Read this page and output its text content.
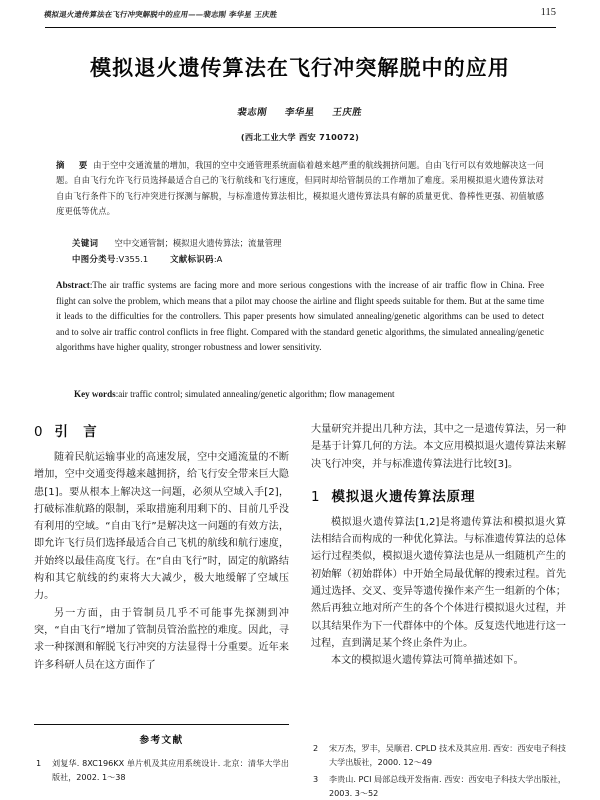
模拟退火遗传算法在飞行冲突解脱中的应用——裴志刚 李华星 王庆胜	115
模拟退火遗传算法在飞行冲突解脱中的应用
裴志刚 李华星 王庆胜
(西北工业大学 西安 710072)
摘　要 由于空中交通流量的增加，我国的空中交通管理系统面临着越来越严重的航线拥挤问题。自由飞行可以有效地解决这一问题。自由飞行允许飞行员选择最适合自己的飞行航线和飞行速度，但同时却给管制员的工作增加了难度。采用模拟退火遗传算法对自由飞行条件下的飞行冲突进行探测与解脱，与标准遗传算法相比，模拟退火遗传算法具有解的质量更优、鲁棒性更强、初值敏感度更低等优点。
关键词 空中交通管制；模拟退火遗传算法；流量管理
中图分类号:V355.1	文献标识码:A
Abstract:The air traffic systems are facing more and more serious congestions with the increase of air traffic flow in China. Free flight can solve the problem, which means that a pilot may choose the airline and flight speeds suitable for them. But at the same time it leads to the difficulties for the controllers. This paper presents how simulated annealing/genetic algorithms can be used to detect and to solve air traffic control conflicts in free flight. Compared with the standard genetic algorithms, the simulated annealing/genetic algorithms have higher quality, stronger robustness and lower sensitivity.
Key words:air traffic control; simulated annealing/genetic algorithm; flow management
0 引　言

随着民航运输事业的高速发展，空中交通流量的不断增加，空中交通变得越来越拥挤，给飞行安全带来巨大隐患[1]。要从根本上解决这一问题，必须从空域入手[2]，打破标准航路的限制，采取措施利用剩下的、目前几乎没有利用的空域。“自由飞行”是解决这一问题的有效方法，即允许飞行员们选择最适合自己飞机的航线和航行速度，并始终以最佳高度飞行。在“自由飞行”时，固定的航路结构和其它航线的约束将大大减少，极大地缓解了空域压力。

另一方面，由于管制员几乎不可能事先探测到冲突，“自由飞行”增加了管制员管治监控的难度。因此，寻求一种探测和解脱飞行冲突的方法显得十分重要。近年来许多科研人员在这方面作了

大量研究并提出几种方法，其中之一是遗传算法，另一种是基于计算几何的方法。本文应用模拟退火遗传算法来解决飞行冲突，并与标准遗传算法进行比较[3]。

1 模拟退火遗传算法原理

模拟退火遗传算法[1,2]是将遗传算法和模拟退火算法相结合而构成的一种优化算法。与标准遗传算法的总体运行过程类似，模拟退火遗传算法也是从一组随机产生的初始解（初始群体）中开始全局最优解的搜索过程。首先通过选择、交叉、变异等遗传操作来产生一组新的个体；然后再独立地对所产生的各个个体进行模拟退火过程，并以其结果作为下一代群体中的个体。反复迭代地进行这一过程，直到满足某个终止条件为止。

本文的模拟退火遗传算法可简单描述如下。

参考文献
1	刘复华. 8XC196KX 单片机及其应用系统设计. 北京：清华大学出版社，2002. 1～38
2	宋万杰，罗丰，吴顺君. CPLD 技术及其应用. 西安：西安电子科技大学出版社，2000. 12～49
3	李贵山. PCI 局部总线开发指南. 西安：西安电子科技大学出版社，2003. 3～52
